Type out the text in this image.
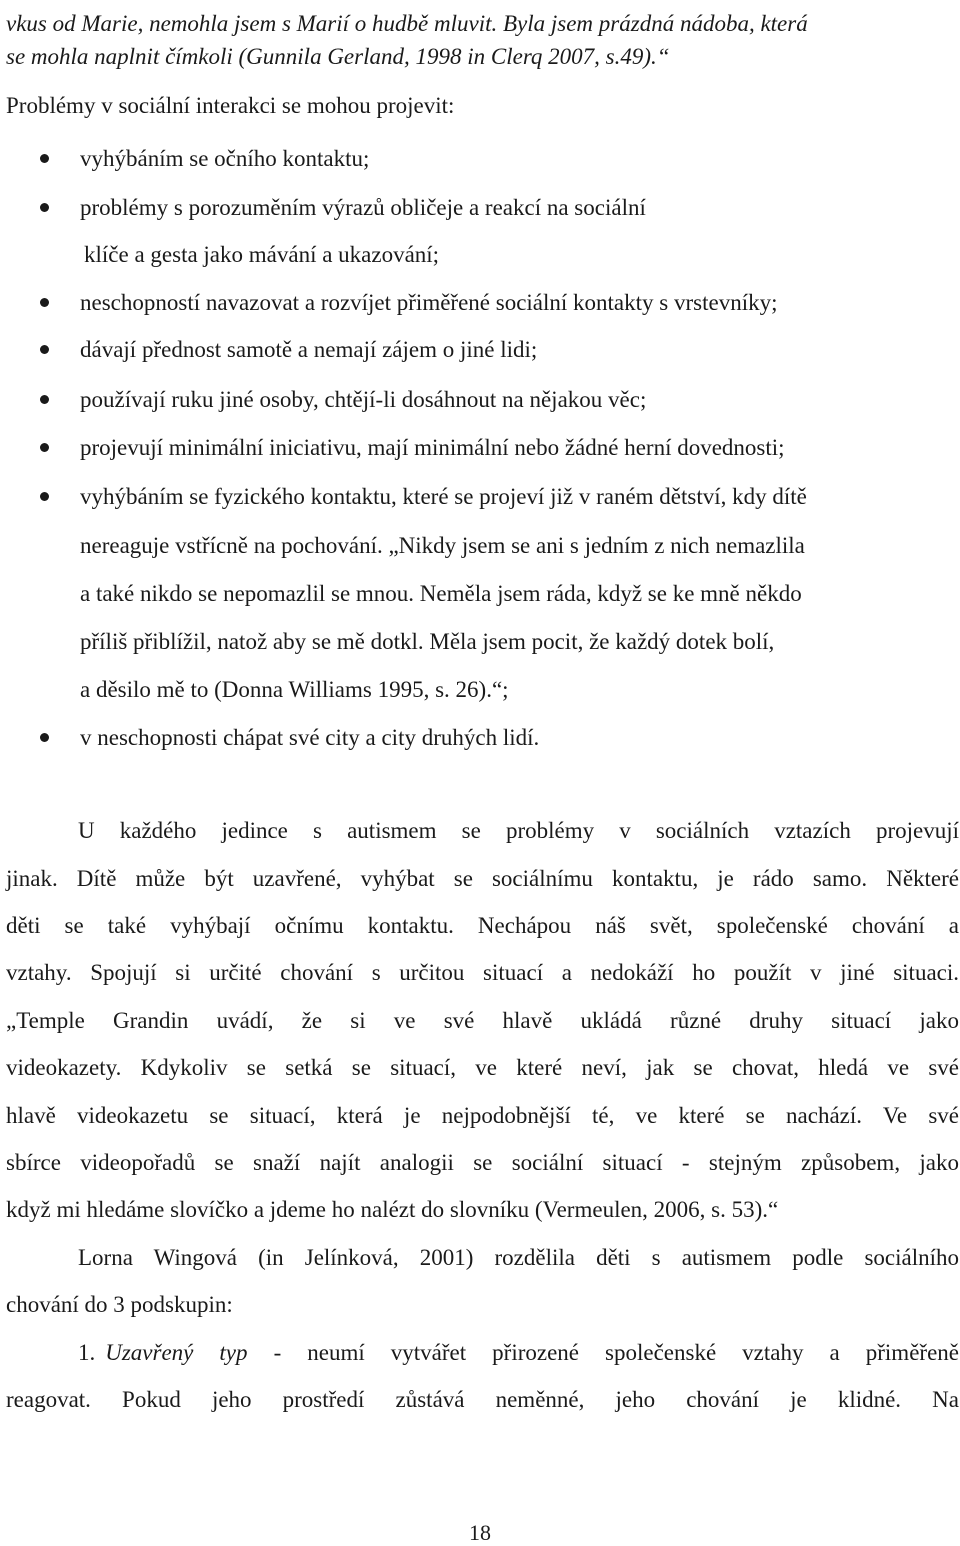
vkus od Marie, nemohla jsem s Marií o hudbě mluvit. Byla jsem prázdná nádoba, která
se mohla naplnit čímkoli (Gunnila Gerland, 1998 in Clerq 2007, s.49).“
Problémy v sociální interakci se mohou projevit:
vyhýbáním se očního kontaktu;
problémy s porozuměním výrazů obličeje a reakcí na sociální
klíče a gesta jako mávání a ukazování;
neschopností navazovat a rozvíjet přiměřené sociální kontakty s vrstevníky;
dávají přednost samotě a nemají zájem o jiné lidi;
používají ruku jiné osoby, chtějí-li dosáhnout na nějakou věc;
projevují minimální iniciativu, mají minimální nebo žádné herní dovednosti;
vyhýbáním se fyzického kontaktu, které se projeví již v raném dětství, kdy dítě
nereaguje vstřícně na pochování. „Nikdy jsem se ani s jedním z nich nemazlila
a také nikdo se nepomazlil se mnou. Neměla jsem ráda, když se ke mně někdo
příliš přiblížil, natož aby se mě dotkl. Měla jsem pocit, že každý dotek bolí,
a děsilo mě to (Donna Williams 1995, s. 26).“;
v neschopnosti chápat své city a city druhých lidí.
U každého jedince s autismem se problémy v sociálních vztazích projevují
jinak. Dítě může být uzavřené, vyhýbat se sociálnímu kontaktu, je rádo samo. Některé
děti se také vyhýbají očnímu kontaktu. Nechápou náš svět, společenské chování a
vztahy. Spojují si určité chování s určitou situací a nedokáží ho použít v jiné situaci.
„Temple Grandin uvádí, že si ve své hlavě ukládá různé druhy situací jako
videokazety. Kdykoliv se setká se situací, ve které neví, jak se chovat, hledá ve své
hlavě videokazetu se situací, která je nejpodobnější té, ve které se nachází. Ve své
sbírce videopořadů se snaží najít analogii se sociální situací - stejným způsobem, jako
když mi hledáme slovíčko a jdeme ho nalézt do slovníku (Vermeulen, 2006, s. 53).“
Lorna Wingová (in Jelínková, 2001) rozdělila děti s autismem podle sociálního
chování do 3 podskupin:
1. Uzavřený typ - neumí vytvářet přirozené společenské vztahy a přiměřeně
reagovat. Pokud jeho prostředí zůstává neměnné, jeho chování je klidné. Na
18
